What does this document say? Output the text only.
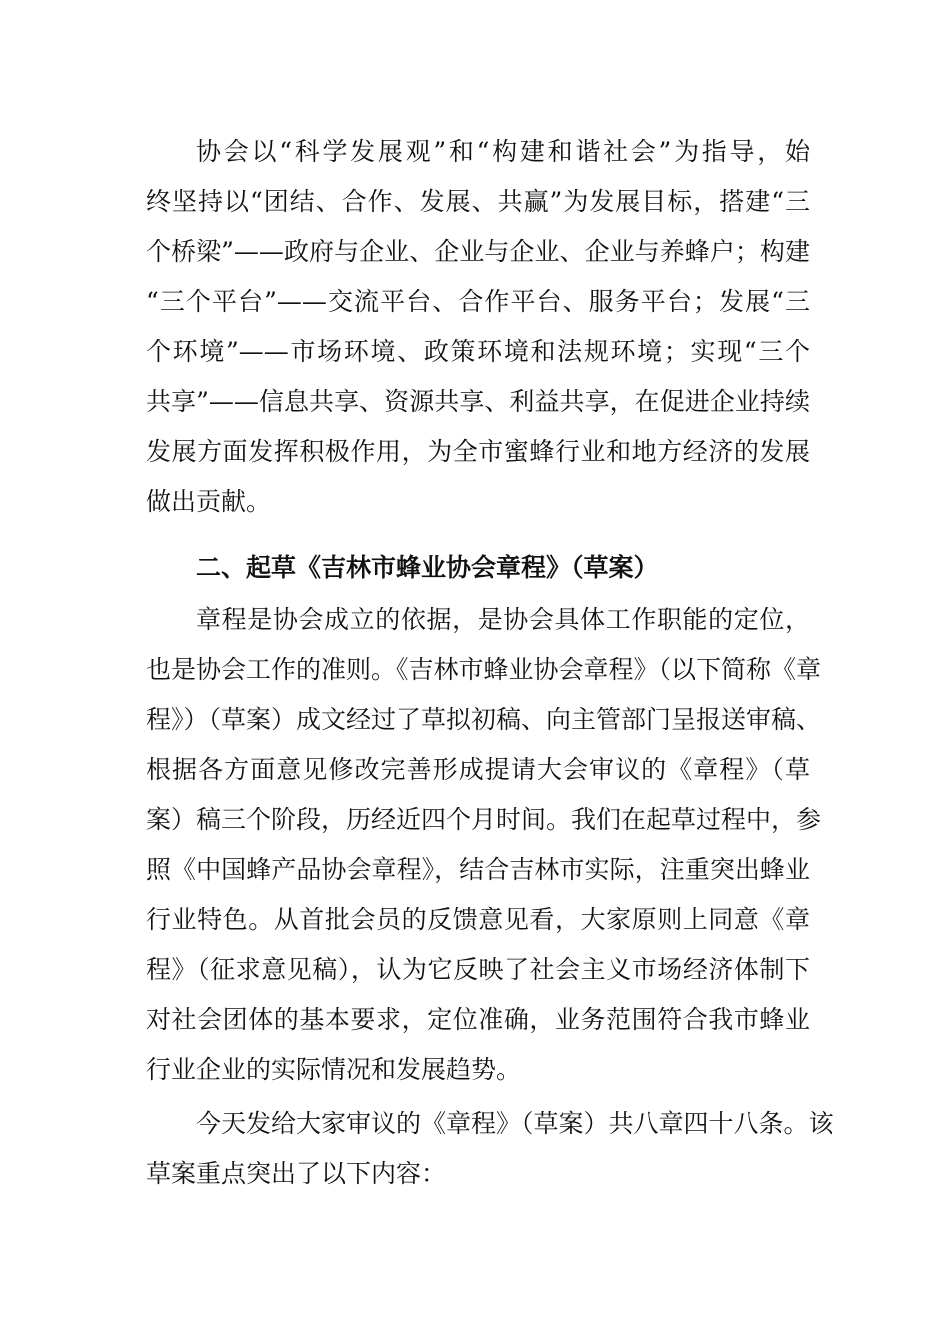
协会以“科学发展观”和“构建和谐社会”为指导，始
终坚持以“团结、合作、发展、共赢”为发展目标，搭建“三
个桥梁”——政府与企业、企业与企业、企业与养蜂户；构建
“三个平台”——交流平台、合作平台、服务平台；发展“三
个环境”——市场环境、政策环境和法规环境；实现“三个
共享”——信息共享、资源共享、利益共享，在促进企业持续
发展方面发挥积极作用，为全市蜜蜂行业和地方经济的发展
做出贡献。
二、起草《吉林市蜂业协会章程》（草案）
章程是协会成立的依据，是协会具体工作职能的定位，
也是协会工作的准则。《吉林市蜂业协会章程》（以下简称《章
程》）（草案）成文经过了草拟初稿、向主管部门呈报送审稿、
根据各方面意见修改完善形成提请大会审议的《章程》（草
案）稿三个阶段，历经近四个月时间。我们在起草过程中，参
照《中国蜂产品协会章程》，结合吉林市实际，注重突出蜂业
行业特色。从首批会员的反馈意见看，大家原则上同意《章
程》（征求意见稿），认为它反映了社会主义市场经济体制下
对社会团体的基本要求，定位准确，业务范围符合我市蜂业
行业企业的实际情况和发展趋势。
今天发给大家审议的《章程》（草案）共八章四十八条。该
草案重点突出了以下内容：
